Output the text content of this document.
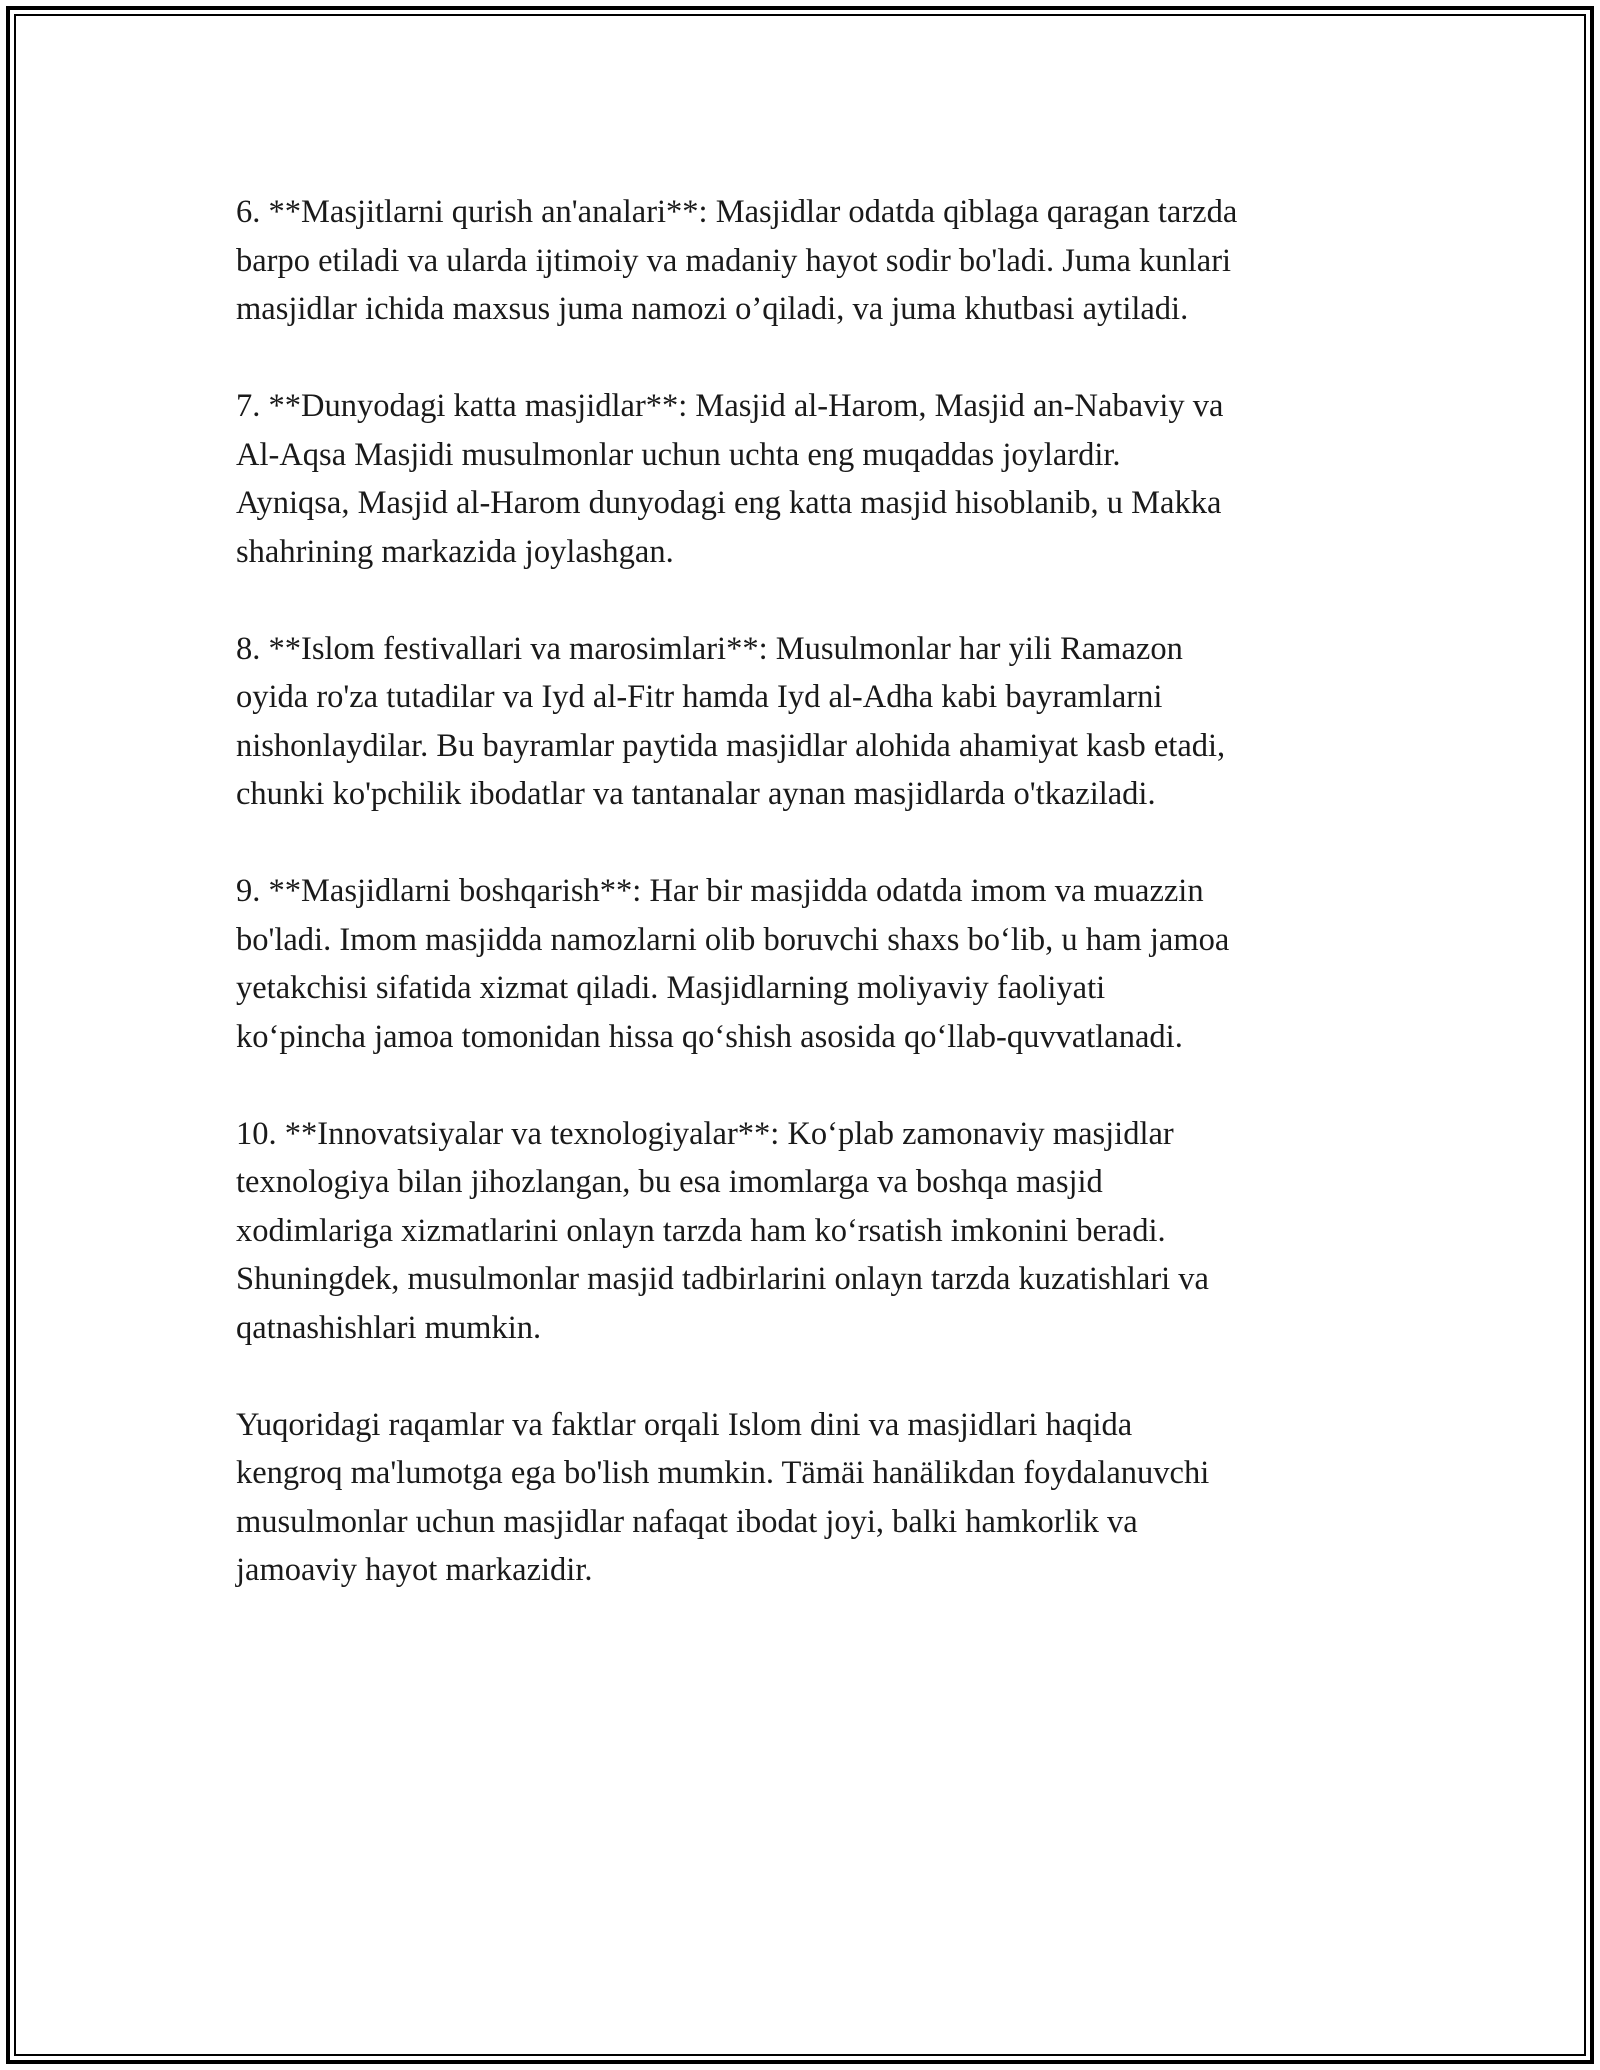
6. **Masjitlarni qurish an'analari**: Masjidlar odatda qiblaga qaragan tarzda
barpo etiladi va ularda ijtimoiy va madaniy hayot sodir bo'ladi. Juma kunlari
masjidlar ichida maxsus juma namozi o’qiladi, va juma khutbasi aytiladi.

7. **Dunyodagi katta masjidlar**: Masjid al-Harom, Masjid an-Nabaviy va
Al-Aqsa Masjidi musulmonlar uchun uchta eng muqaddas joylardir.
Ayniqsa, Masjid al-Harom dunyodagi eng katta masjid hisoblanib, u Makka
shahrining markazida joylashgan.

8. **Islom festivallari va marosimlari**: Musulmonlar har yili Ramazon
oyida ro'za tutadilar va Iyd al-Fitr hamda Iyd al-Adha kabi bayramlarni
nishonlaydilar. Bu bayramlar paytida masjidlar alohida ahamiyat kasb etadi,
chunki ko'pchilik ibodatlar va tantanalar aynan masjidlarda o'tkaziladi.

9. **Masjidlarni boshqarish**: Har bir masjidda odatda imom va muazzin
bo'ladi. Imom masjidda namozlarni olib boruvchi shaxs bo‘lib, u ham jamoa
yetakchisi sifatida xizmat qiladi. Masjidlarning moliyaviy faoliyati
ko‘pincha jamoa tomonidan hissa qo‘shish asosida qo‘llab-quvvatlanadi.

10. **Innovatsiyalar va texnologiyalar**: Ko‘plab zamonaviy masjidlar
texnologiya bilan jihozlangan, bu esa imomlarga va boshqa masjid
xodimlariga xizmatlarini onlayn tarzda ham ko‘rsatish imkonini beradi.
Shuningdek, musulmonlar masjid tadbirlarini onlayn tarzda kuzatishlari va
qatnashishlari mumkin.

Yuqoridagi raqamlar va faktlar orqali Islom dini va masjidlari haqida
kengroq ma'lumotga ega bo'lish mumkin. Tämäi hanälikdan foydalanuvchi
musulmonlar uchun masjidlar nafaqat ibodat joyi, balki hamkorlik va
jamoaviy hayot markazidir.
